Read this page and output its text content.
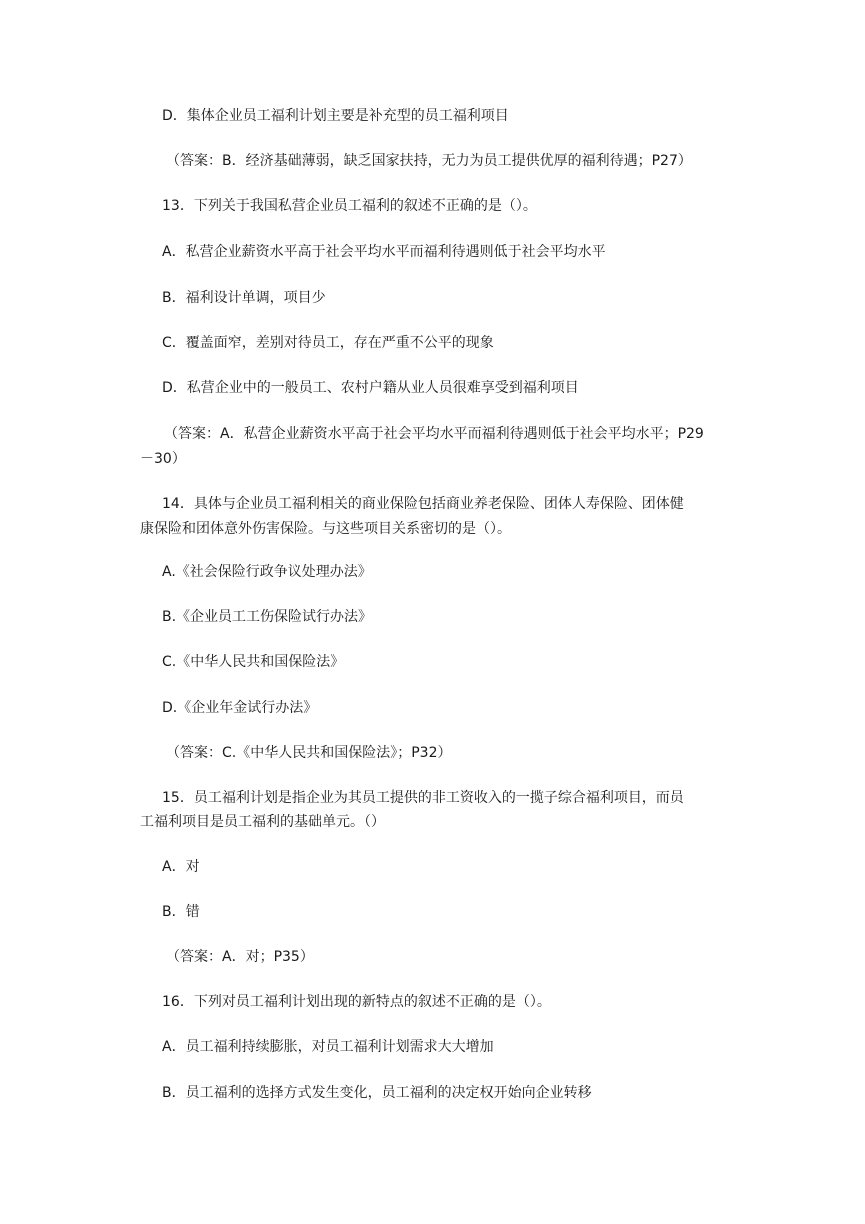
D．集体企业员工福利计划主要是补充型的员工福利项目
（答案：B．经济基础薄弱，缺乏国家扶持，无力为员工提供优厚的福利待遇；P27）
13．下列关于我国私营企业员工福利的叙述不正确的是（）。
A．私营企业薪资水平高于社会平均水平而福利待遇则低于社会平均水平
B．福利设计单调，项目少
C．覆盖面窄，差别对待员工，存在严重不公平的现象
D．私营企业中的一般员工、农村户籍从业人员很难享受到福利项目
（答案：A．私营企业薪资水平高于社会平均水平而福利待遇则低于社会平均水平；P29
－30）
14．具体与企业员工福利相关的商业保险包括商业养老保险、团体人寿保险、团体健
康保险和团体意外伤害保险。与这些项目关系密切的是（）。
A.《社会保险行政争议处理办法》
B.《企业员工工伤保险试行办法》
C.《中华人民共和国保险法》
D.《企业年金试行办法》
（答案：C.《中华人民共和国保险法》；P32）
15．员工福利计划是指企业为其员工提供的非工资收入的一揽子综合福利项目，而员
工福利项目是员工福利的基础单元。（）
A．对
B．错
（答案：A．对；P35）
16．下列对员工福利计划出现的新特点的叙述不正确的是（）。
A．员工福利持续膨胀，对员工福利计划需求大大增加
B．员工福利的选择方式发生变化，员工福利的决定权开始向企业转移
